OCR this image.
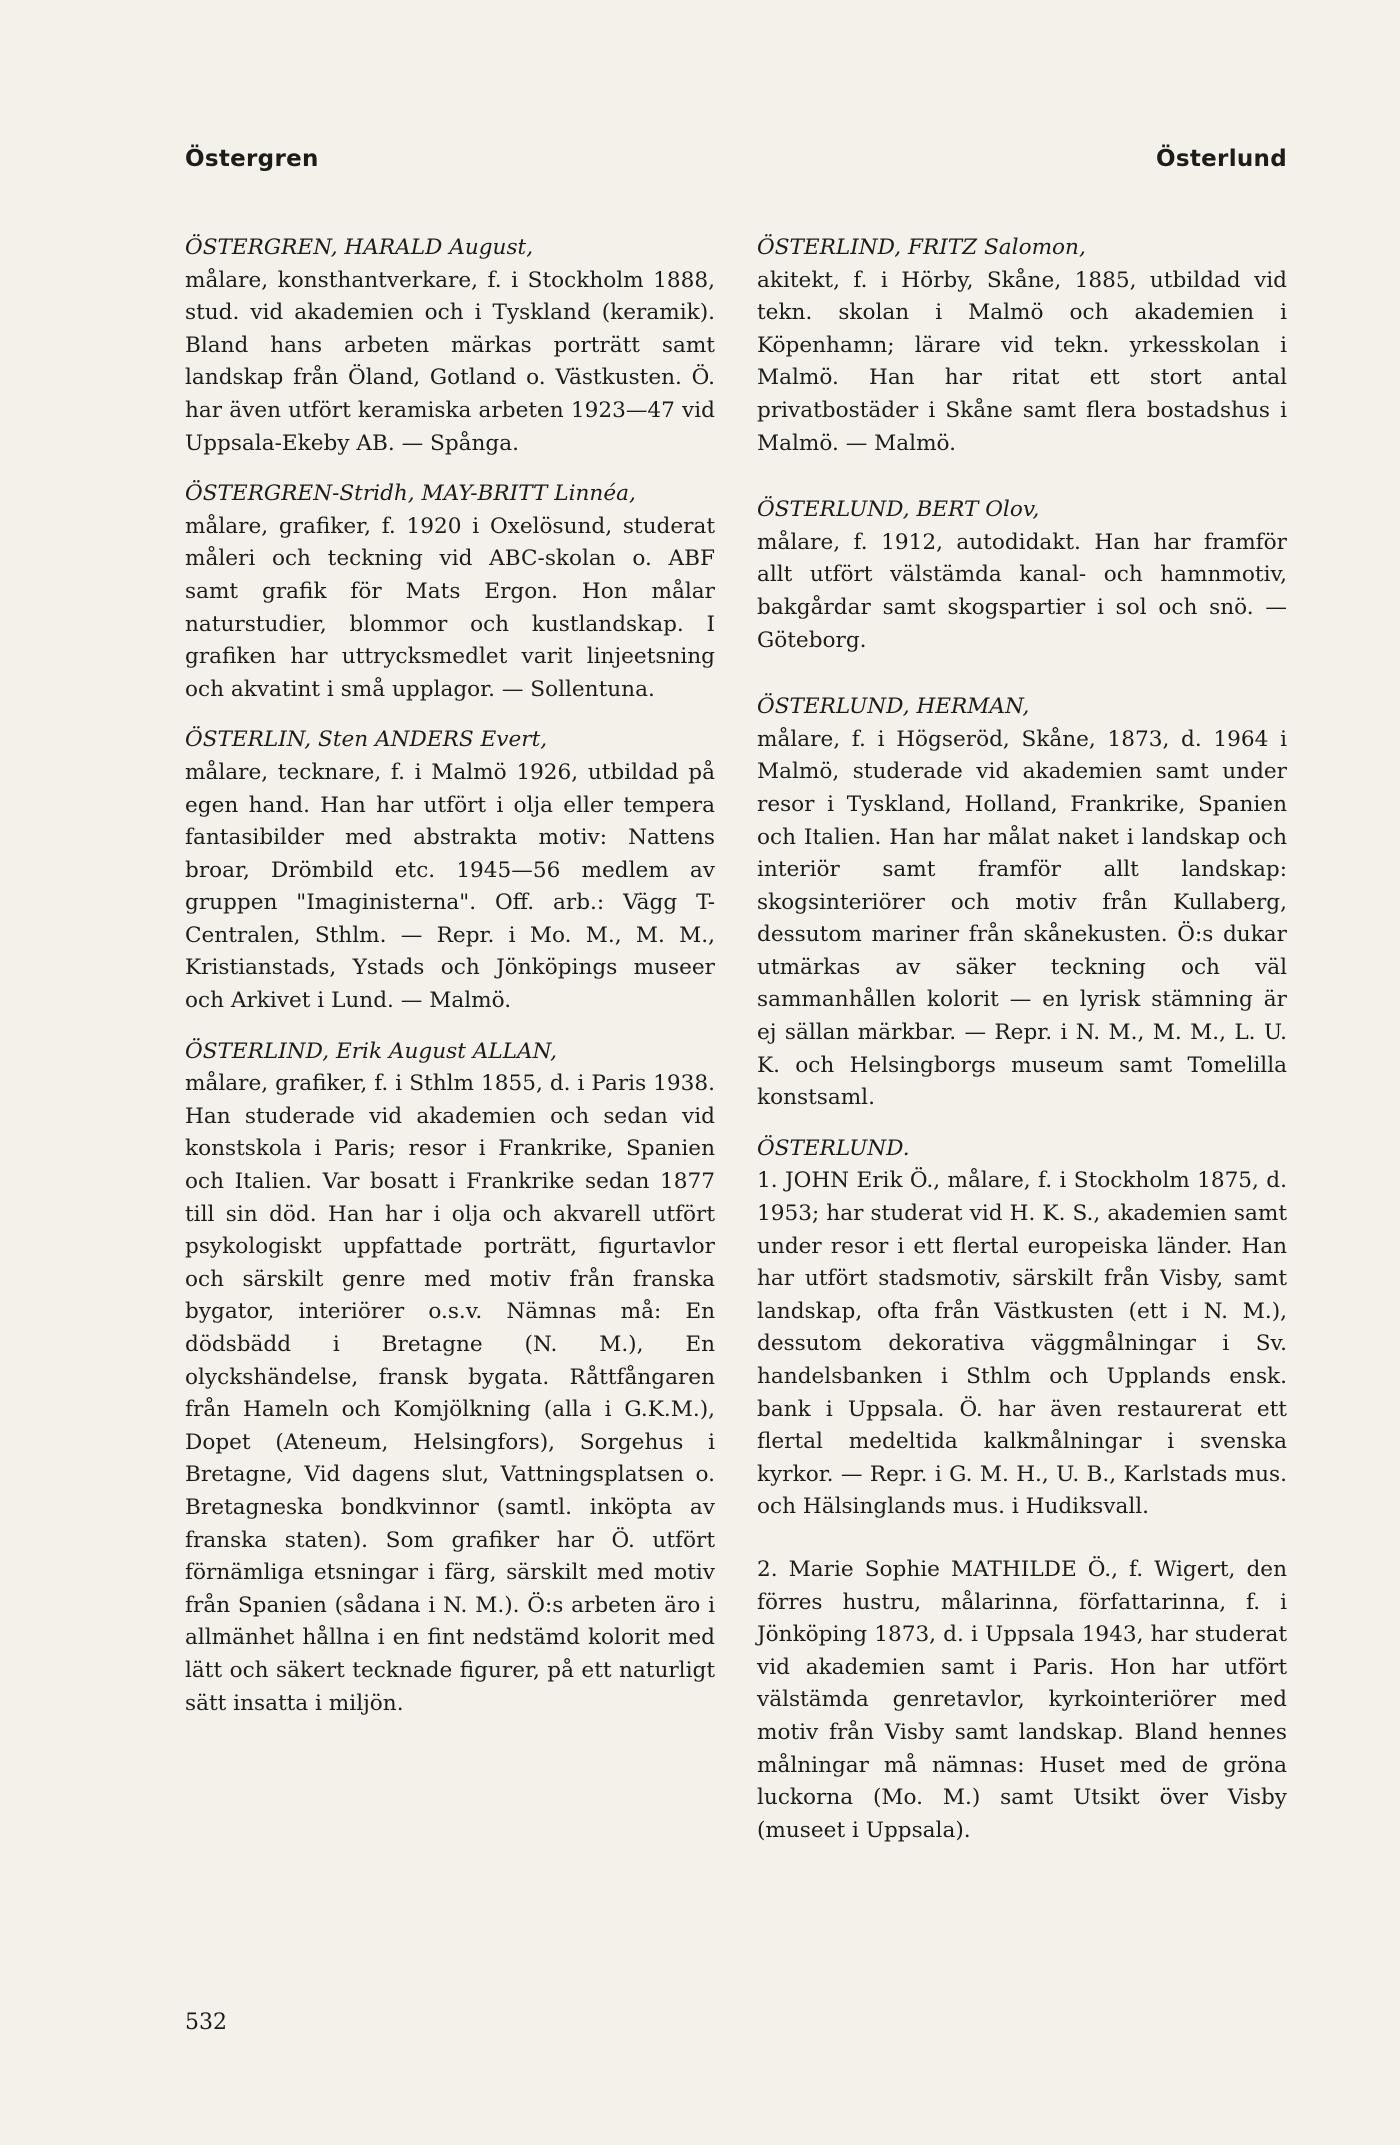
Östergren	Österlund
ÖSTERGREN, HARALD August,
målare, konsthantverkare, f. i Stockholm 1888, stud. vid akademien och i Tyskland (keramik). Bland hans arbeten märkas porträtt samt landskap från Öland, Gotland o. Västkusten. Ö. har även utfört keramiska arbeten 1923—47 vid Uppsala-Ekeby AB. — Spånga.
ÖSTERGREN-Stridh, MAY-BRITT Linnéa,
målare, grafiker, f. 1920 i Oxelösund, studerat måleri och teckning vid ABC-skolan o. ABF samt grafik för Mats Ergon. Hon målar naturstudier, blommor och kustlandskap. I grafiken har uttrycksmedlet varit linjeetsning och akvatint i små upplagor. — Sollentuna.
ÖSTERLIN, Sten ANDERS Evert,
målare, tecknare, f. i Malmö 1926, utbildad på egen hand. Han har utfört i olja eller tempera fantasibilder med abstrakta motiv: Nattens broar, Drömbild etc. 1945—56 medlem av gruppen "Imaginisterna". Off. arb.: Vägg T-Centralen, Sthlm. — Repr. i Mo. M., M. M., Kristianstads, Ystads och Jönköpings museer och Arkivet i Lund. — Malmö.
ÖSTERLIND, Erik August ALLAN,
målare, grafiker, f. i Sthlm 1855, d. i Paris 1938. Han studerade vid akademien och sedan vid konstskola i Paris; resor i Frankrike, Spanien och Italien. Var bosatt i Frankrike sedan 1877 till sin död. Han har i olja och akvarell utfört psykologiskt uppfattade porträtt, figurtavlor och särskilt genre med motiv från franska bygator, interiörer o.s.v. Nämnas må: En dödsbädd i Bretagne (N. M.), En olyckshändelse, fransk bygata. Råttfångaren från Hameln och Komjölkning (alla i G.K.M.), Dopet (Ateneum, Helsingfors), Sorgehus i Bretagne, Vid dagens slut, Vattningsplatsen o. Bretagneska bondkvinnor (samtl. inköpta av franska staten). Som grafiker har Ö. utfört förnämliga etsningar i färg, särskilt med motiv från Spanien (sådana i N. M.). Ö:s arbeten äro i allmänhet hållna i en fint nedstämd kolorit med lätt och säkert tecknade figurer, på ett naturligt sätt insatta i miljön.
ÖSTERLIND, FRITZ Salomon,
akitekt, f. i Hörby, Skåne, 1885, utbildad vid tekn. skolan i Malmö och akademien i Köpenhamn; lärare vid tekn. yrkesskolan i Malmö. Han har ritat ett stort antal privatbostäder i Skåne samt flera bostadshus i Malmö. — Malmö.
ÖSTERLUND, BERT Olov,
målare, f. 1912, autodidakt. Han har framför allt utfört välstämda kanal- och hamnmotiv, bakgårdar samt skogspartier i sol och snö. — Göteborg.
ÖSTERLUND, HERMAN,
målare, f. i Högseröd, Skåne, 1873, d. 1964 i Malmö, studerade vid akademien samt under resor i Tyskland, Holland, Frankrike, Spanien och Italien. Han har målat naket i landskap och interiör samt framför allt landskap: skogsinteriörer och motiv från Kullaberg, dessutom mariner från skånekusten. Ö:s dukar utmärkas av säker teckning och väl sammanhållen kolorit — en lyrisk stämning är ej sällan märkbar. — Repr. i N. M., M. M., L. U. K. och Helsingborgs museum samt Tomelilla konstsaml.
ÖSTERLUND.
1. JOHN Erik Ö., målare, f. i Stockholm 1875, d. 1953; har studerat vid H. K. S., akademien samt under resor i ett flertal europeiska länder. Han har utfört stadsmotiv, särskilt från Visby, samt landskap, ofta från Västkusten (ett i N. M.), dessutom dekorativa väggmålningar i Sv. handelsbanken i Sthlm och Upplands ensk. bank i Uppsala. Ö. har även restaurerat ett flertal medeltida kalkmålningar i svenska kyrkor. — Repr. i G. M. H., U. B., Karlstads mus. och Hälsinglands mus. i Hudiksvall.
2. Marie Sophie MATHILDE Ö., f. Wigert, den förres hustru, målarinna, författarinna, f. i Jönköping 1873, d. i Uppsala 1943, har studerat vid akademien samt i Paris. Hon har utfört välstämda genretavlor, kyrkointeriörer med motiv från Visby samt landskap. Bland hennes målningar må nämnas: Huset med de gröna luckorna (Mo. M.) samt Utsikt över Visby (museet i Uppsala).
532
